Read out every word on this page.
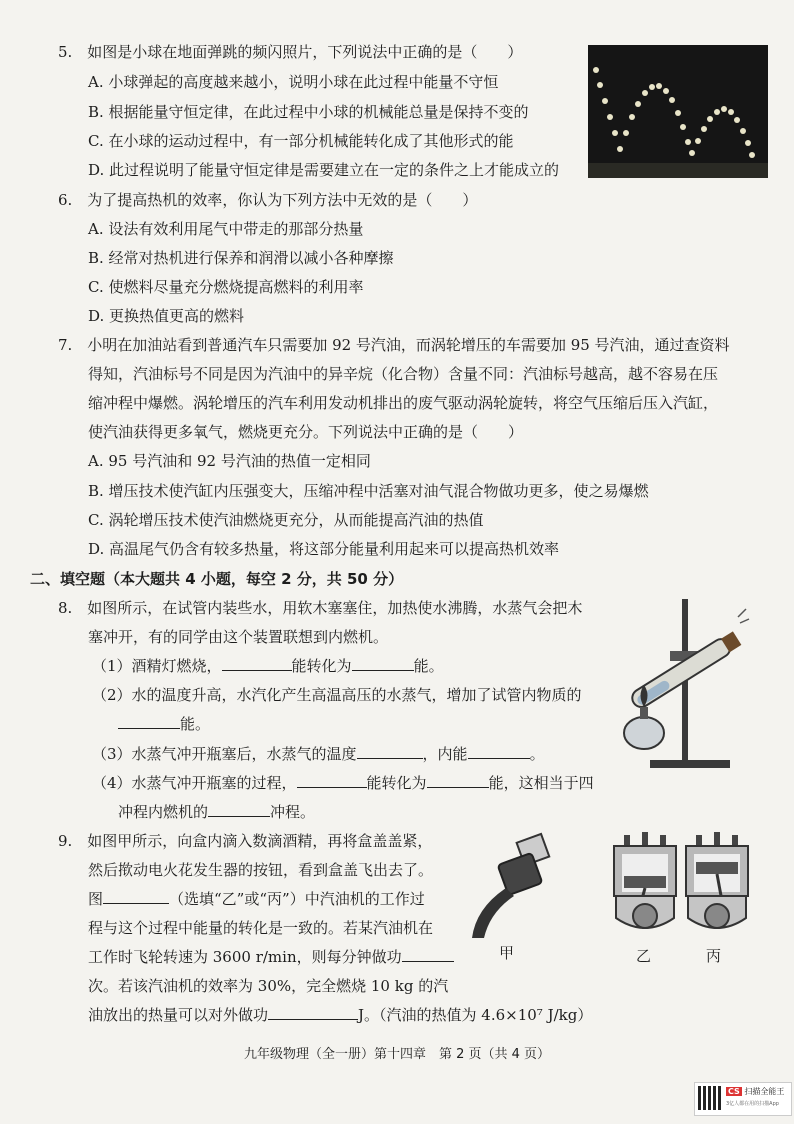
5.　如图是小球在地面弹跳的频闪照片，下列说法中正确的是（　　）
A. 小球弹起的高度越来越小，说明小球在此过程中能量不守恒
B. 根据能量守恒定律，在此过程中小球的机械能总量是保持不变的
C. 在小球的运动过程中，有一部分机械能转化成了其他形式的能
D. 此过程说明了能量守恒定律是需要建立在一定的条件之上才能成立的
6.　为了提高热机的效率，你认为下列方法中无效的是（　　）
A. 设法有效利用尾气中带走的那部分热量
B. 经常对热机进行保养和润滑以减小各种摩擦
C. 使燃料尽量充分燃烧提高燃料的利用率
D. 更换热值更高的燃料
7.　小明在加油站看到普通汽车只需要加 92 号汽油，而涡轮增压的车需要加 95 号汽油，通过查资料
得知，汽油标号不同是因为汽油中的异辛烷（化合物）含量不同：汽油标号越高，越不容易在压
缩冲程中爆燃。涡轮增压的汽车利用发动机排出的废气驱动涡轮旋转，将空气压缩后压入汽缸，
使汽油获得更多氧气，燃烧更充分。下列说法中正确的是（　　）
A. 95 号汽油和 92 号汽油的热值一定相同
B. 增压技术使汽缸内压强变大，压缩冲程中活塞对油气混合物做功更多，使之易爆燃
C. 涡轮增压技术使汽油燃烧更充分，从而能提高汽油的热值
D. 高温尾气仍含有较多热量，将这部分能量利用起来可以提高热机效率
二、填空题（本大题共 4 小题，每空 2 分，共 50 分）
8.　如图所示，在试管内装些水，用软木塞塞住，加热使水沸腾，水蒸气会把木
塞冲开，有的同学由这个装置联想到内燃机。
（1）酒精灯燃烧，	能转化为	能。
（2）水的温度升高，水汽化产生高温高压的水蒸气，增加了试管内物质的
能。
（3）水蒸气冲开瓶塞后，水蒸气的温度	，内能	。
（4）水蒸气冲开瓶塞的过程，	能转化为	能，这相当于四
冲程内燃机的	冲程。
9.　如图甲所示，向盒内滴入数滴酒精，再将盒盖盖紧，
然后揿动电火花发生器的按钮，看到盒盖飞出去了。
图	（选填“乙”或“丙”）中汽油机的工作过
程与这个过程中能量的转化是一致的。若某汽油机在
工作时飞轮转速为 3600 r/min，则每分钟做功
次。若该汽油机的效率为 30%，完全燃烧 10 kg 的汽
油放出的热量可以对外做功	J。（汽油的热值为 4.6×10⁷ J/kg）
甲	乙	丙
九年级物理（全一册）第十四章　第 2 页（共 4 页）
CS 扫描全能王
3亿人都在用的扫描App
